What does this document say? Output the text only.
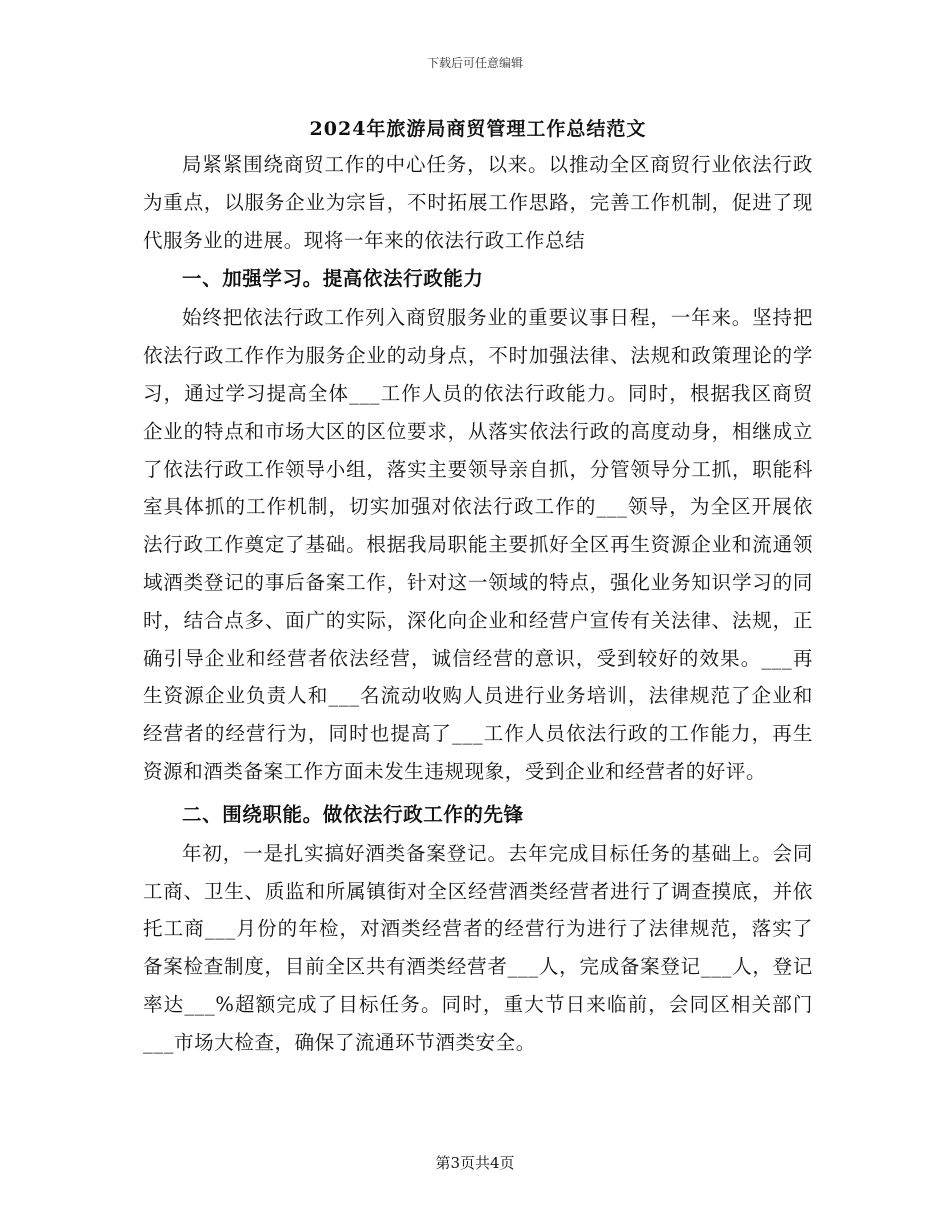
下载后可任意编辑
2024年旅游局商贸管理工作总结范文

局紧紧围绕商贸工作的中心任务，以来。以推动全区商贸行业依法行政为重点，以服务企业为宗旨，不时拓展工作思路，完善工作机制，促进了现代服务业的进展。现将一年来的依法行政工作总结

一、加强学习。提高依法行政能力

始终把依法行政工作列入商贸服务业的重要议事日程，一年来。坚持把依法行政工作作为服务企业的动身点，不时加强法律、法规和政策理论的学习，通过学习提高全体___工作人员的依法行政能力。同时，根据我区商贸企业的特点和市场大区的区位要求，从落实依法行政的高度动身，相继成立了依法行政工作领导小组，落实主要领导亲自抓，分管领导分工抓，职能科室具体抓的工作机制，切实加强对依法行政工作的___领导，为全区开展依法行政工作奠定了基础。根据我局职能主要抓好全区再生资源企业和流通领域酒类登记的事后备案工作，针对这一领域的特点，强化业务知识学习的同时，结合点多、面广的实际，深化向企业和经营户宣传有关法律、法规，正确引导企业和经营者依法经营，诚信经营的意识，受到较好的效果。___再生资源企业负责人和___名流动收购人员进行业务培训，法律规范了企业和经营者的经营行为，同时也提高了___工作人员依法行政的工作能力，再生资源和酒类备案工作方面未发生违规现象，受到企业和经营者的好评。

二、围绕职能。做依法行政工作的先锋

年初，一是扎实搞好酒类备案登记。去年完成目标任务的基础上。会同工商、卫生、质监和所属镇街对全区经营酒类经营者进行了调查摸底，并依托工商___月份的年检，对酒类经营者的经营行为进行了法律规范，落实了备案检查制度，目前全区共有酒类经营者___人，完成备案登记___人，登记率达___%超额完成了目标任务。同时，重大节日来临前，会同区相关部门___市场大检查，确保了流通环节酒类安全。

第3页共4页
